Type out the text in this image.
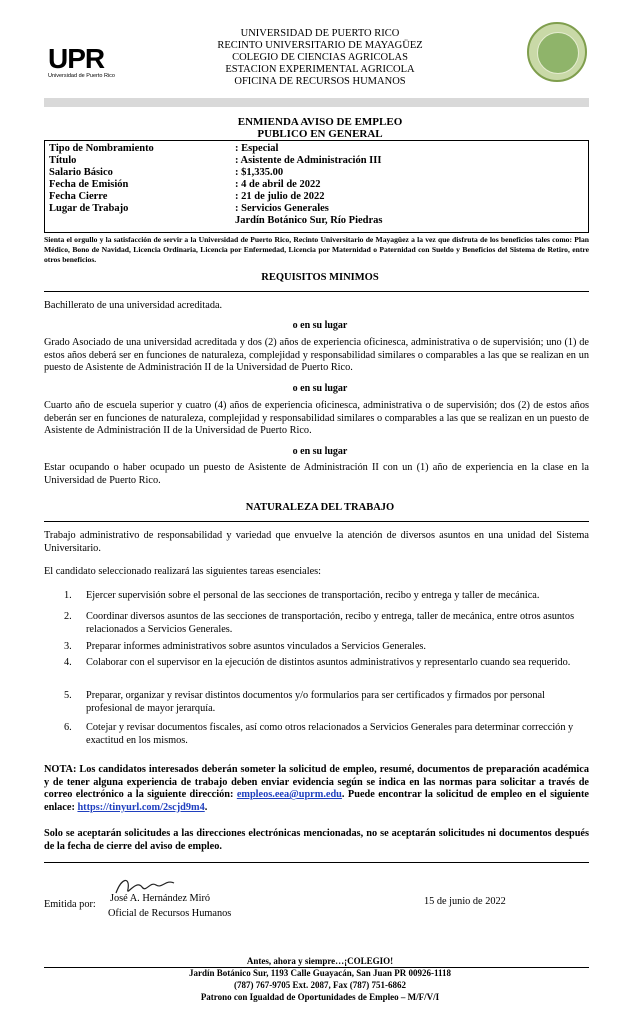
UPR
Universidad de Puerto Rico
UNIVERSIDAD DE PUERTO RICO
RECINTO UNIVERSITARIO DE MAYAGÜEZ
COLEGIO DE CIENCIAS AGRICOLAS
ESTACION EXPERIMENTAL AGRICOLA
OFICINA DE RECURSOS HUMANOS
ENMIENDA AVISO DE EMPLEO
PUBLICO EN GENERAL
Tipo de Nombramiento	: Especial
Título	: Asistente de Administración III
Salario Básico	: $1,335.00
Fecha de Emisión	: 4 de abril de 2022
Fecha Cierre	: 21 de julio de 2022
Lugar de Trabajo	: Servicios Generales
Jardín Botánico Sur, Río Piedras
Sienta el orgullo y la satisfacción de servir a la Universidad de Puerto Rico, Recinto Universitario de Mayagüez a la vez que disfruta de los beneficios tales como: Plan Médico, Bono de Navidad, Licencia Ordinaria, Licencia por Enfermedad, Licencia por Maternidad o Paternidad con Sueldo y Beneficios del Sistema de Retiro, entre otros beneficios.
REQUISITOS MINIMOS
Bachillerato de una universidad acreditada.
o en su lugar
Grado Asociado de una universidad acreditada y dos (2) años de experiencia oficinesca, administrativa o de supervisión; uno (1) de estos años deberá ser en funciones de naturaleza, complejidad y responsabilidad similares o comparables a las que se realizan en un puesto de Asistente de Administración II de la Universidad de Puerto Rico.
o en su lugar
Cuarto año de escuela superior y cuatro (4) años de experiencia oficinesca, administrativa o de supervisión; dos (2) de estos años deberán ser en funciones de naturaleza, complejidad y responsabilidad similares o comparables a las que se realizan en un puesto de Asistente de Administración II de la Universidad de Puerto Rico.
o en su lugar
Estar ocupando o haber ocupado un puesto de Asistente de Administración II con un (1) año de experiencia en la clase en la Universidad de Puerto Rico.
NATURALEZA DEL TRABAJO
Trabajo administrativo de responsabilidad y variedad que envuelve la atención de diversos asuntos en una unidad del Sistema Universitario.
El candidato seleccionado realizará las siguientes tareas esenciales:
1.	Ejercer supervisión sobre el personal de las secciones de transportación, recibo y entrega y taller de mecánica.
2.	Coordinar diversos asuntos de las secciones de transportación, recibo y entrega, taller de mecánica, entre otros asuntos relacionados a Servicios Generales.
3.	Preparar informes administrativos sobre asuntos vinculados a Servicios Generales.
4.	Colaborar con el supervisor en la ejecución de distintos asuntos administrativos y representarlo cuando sea requerido.
5.	Preparar, organizar y revisar distintos documentos y/o formularios para ser certificados y firmados por personal profesional de mayor jerarquía.
6.	Cotejar y revisar documentos fiscales, así como otros relacionados a Servicios Generales para determinar corrección y exactitud en los mismos.
NOTA: Los candidatos interesados deberán someter la solicitud de empleo, resumé, documentos de preparación académica y de tener alguna experiencia de trabajo deben enviar evidencia según se indica en las normas para solicitar a través de correo electrónico a la siguiente dirección: empleos.eea@uprm.edu. Puede encontrar la solicitud de empleo en el siguiente enlace: https://tinyurl.com/2scjd9m4.
Solo se aceptarán solicitudes a las direcciones electrónicas mencionadas, no se aceptarán solicitudes ni documentos después de la fecha de cierre del aviso de empleo.
Emitida por:
José A. Hernández Miró
Oficial de Recursos Humanos
15 de junio de 2022
Antes, ahora y siempre…¡COLEGIO!
Jardín Botánico Sur, 1193 Calle Guayacán, San Juan PR 00926-1118
(787) 767-9705 Ext. 2087, Fax (787) 751-6862
Patrono con Igualdad de Oportunidades de Empleo – M/F/V/I
